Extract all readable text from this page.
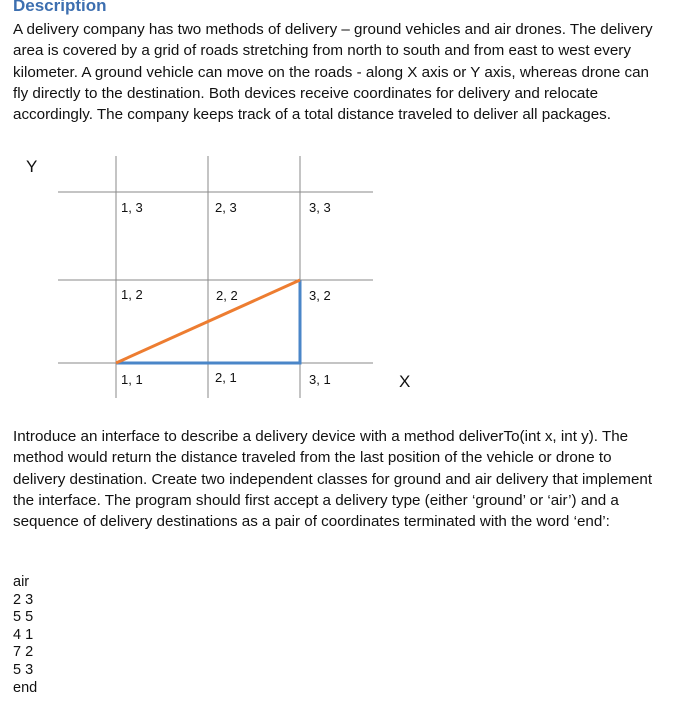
Description

A delivery company has two methods of delivery – ground vehicles and air drones. The delivery area is covered by a grid of roads stretching from north to south and from east to west every kilometer. A ground vehicle can move on the roads - along X axis or Y axis, whereas drone can fly directly to the destination. Both devices receive coordinates for delivery and relocate accordingly. The company keeps track of a total distance traveled to deliver all packages.

Y
X
1, 3	2, 3	3, 3
1, 2	2, 2	3, 2
1, 1	2, 1	3, 1

Introduce an interface to describe a delivery device with a method deliverTo(int x, int y). The method would return the distance traveled from the last position of the vehicle or drone to delivery destination. Create two independent classes for ground and air delivery that implement the interface. The program should first accept a delivery type (either ‘ground’ or ‘air’) and a sequence of delivery destinations as a pair of coordinates terminated with the word ‘end’:

air
2 3
5 5
4 1
7 2
5 3
end
